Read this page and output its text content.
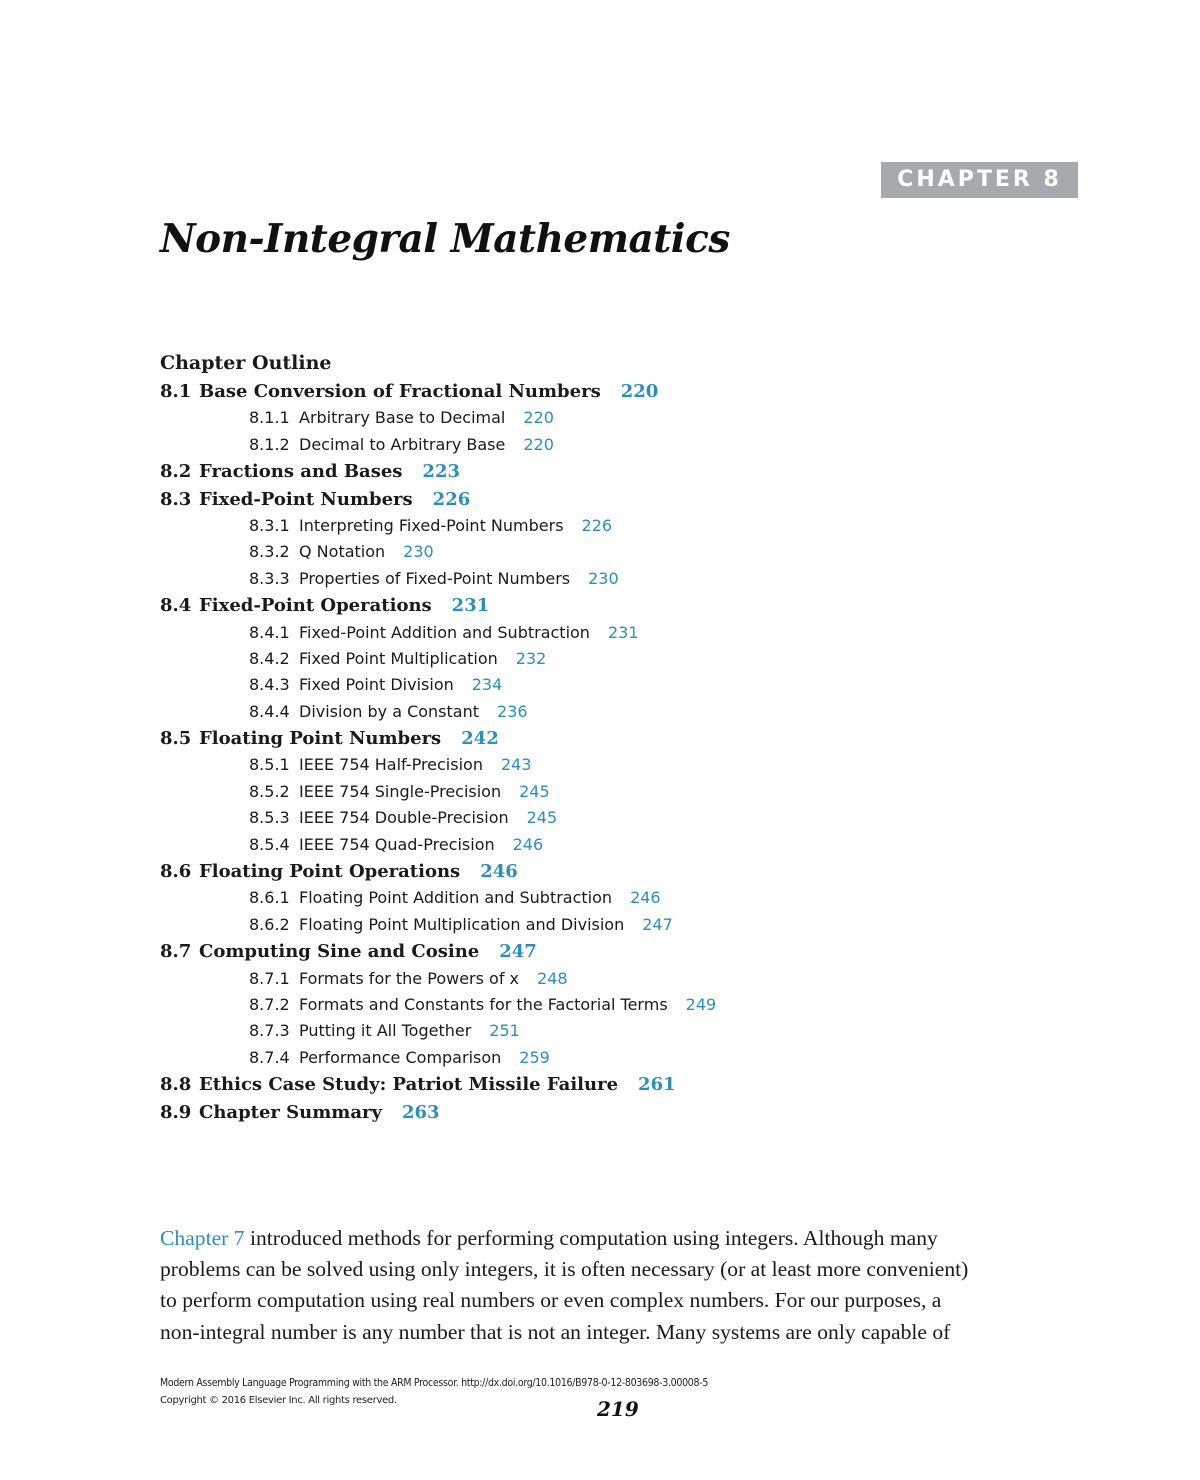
CHAPTER 8
Non-Integral Mathematics
Chapter Outline
8.1 Base Conversion of Fractional Numbers 220
8.1.1 Arbitrary Base to Decimal 220
8.1.2 Decimal to Arbitrary Base 220
8.2 Fractions and Bases 223
8.3 Fixed-Point Numbers 226
8.3.1 Interpreting Fixed-Point Numbers 226
8.3.2 Q Notation 230
8.3.3 Properties of Fixed-Point Numbers 230
8.4 Fixed-Point Operations 231
8.4.1 Fixed-Point Addition and Subtraction 231
8.4.2 Fixed Point Multiplication 232
8.4.3 Fixed Point Division 234
8.4.4 Division by a Constant 236
8.5 Floating Point Numbers 242
8.5.1 IEEE 754 Half-Precision 243
8.5.2 IEEE 754 Single-Precision 245
8.5.3 IEEE 754 Double-Precision 245
8.5.4 IEEE 754 Quad-Precision 246
8.6 Floating Point Operations 246
8.6.1 Floating Point Addition and Subtraction 246
8.6.2 Floating Point Multiplication and Division 247
8.7 Computing Sine and Cosine 247
8.7.1 Formats for the Powers of x 248
8.7.2 Formats and Constants for the Factorial Terms 249
8.7.3 Putting it All Together 251
8.7.4 Performance Comparison 259
8.8 Ethics Case Study: Patriot Missile Failure 261
8.9 Chapter Summary 263

Chapter 7 introduced methods for performing computation using integers. Although many
problems can be solved using only integers, it is often necessary (or at least more convenient)
to perform computation using real numbers or even complex numbers. For our purposes, a
non-integral number is any number that is not an integer. Many systems are only capable of

Modern Assembly Language Programming with the ARM Processor. http://dx.doi.org/10.1016/B978-0-12-803698-3.00008-5
Copyright © 2016 Elsevier Inc. All rights reserved.	219
